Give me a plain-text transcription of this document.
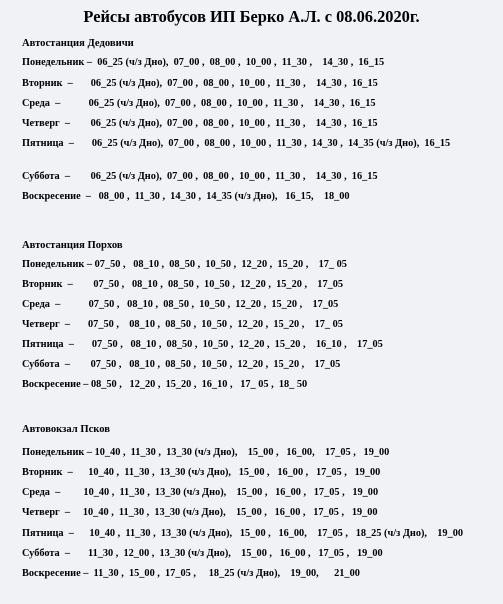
Рейсы автобусов ИП Берко А.Л. с 08.06.2020г.
Автостанция Дедовичи
Понедельник –  06_25 (ч/з Дно),  07_00 ,  08_00 ,  10_00 ,  11_30 ,    14_30 ,  16_15
Вторник  –       06_25 (ч/з Дно),  07_00 ,  08_00 ,  10_00 ,  11_30 ,    14_30 ,  16_15
Среда  –           06_25 (ч/з Дно),  07_00 ,  08_00 ,  10_00 ,  11_30 ,    14_30 ,  16_15
Четверг  –        06_25 (ч/з Дно),  07_00 ,  08_00 ,  10_00 ,  11_30 ,    14_30 ,  16_15
Пятница  –       06_25 (ч/з Дно),  07_00 ,  08_00 ,  10_00 ,  11_30 ,  14_30 ,  14_35 (ч/з Дно),  16_15
Суббота  –        06_25 (ч/з Дно),  07_00 ,  08_00 ,  10_00 ,  11_30 ,    14_30 ,  16_15
Воскресение  –   08_00 ,  11_30 ,  14_30 ,  14_35 (ч/з Дно),   16_15,    18_00
Автостанция Порхов
Понедельник – 07_50 ,   08_10 ,  08_50 ,  10_50 ,  12_20 ,  15_20 ,    17_ 05
Вторник  –        07_50 ,   08_10 ,  08_50 ,  10_50 ,  12_20 ,  15_20 ,    17_05
Среда  –           07_50 ,   08_10 ,  08_50 ,  10_50 ,  12_20 ,  15_20 ,    17_05
Четверг  –       07_50 ,    08_10 ,  08_50 ,  10_50 ,  12_20 ,  15_20 ,    17_ 05
Пятница  –       07_50 ,   08_10 ,  08_50 ,  10_50 ,  12_20 ,  15_20 ,    16_10 ,    17_05
Суббота  –        07_50 ,   08_10 ,  08_50 ,  10_50 ,  12_20 ,  15_20 ,    17_05
Воскресение – 08_50 ,   12_20 ,  15_20 ,  16_10 ,   17_ 05 ,  18_ 50
Автовокзал Псков
Понедельник – 10_40 ,  11_30 ,  13_30 (ч/з Дно),    15_00 ,   16_00,    17_05 ,   19_00
Вторник  –      10_40 ,  11_30 ,  13_30 (ч/з Дно),   15_00 ,   16_00 ,   17_05 ,   19_00
Среда  –         10_40 ,  11_30 ,  13_30 (ч/з Дно),    15_00 ,   16_00 ,   17_05 ,   19_00
Четверг  –     10_40 ,  11_30 ,  13_30 (ч/з Дно),    15_00 ,   16_00 ,   17_05 ,   19_00
Пятница  –      10_40 ,  11_30 ,  13_30 (ч/з Дно),   15_00 ,   16_00,    17_05 ,   18_25 (ч/з Дно),    19_00
Суббота  –       11_30 ,  12_00 ,  13_30 (ч/з Дно),    15_00 ,   16_00 ,   17_05 ,   19_00
Воскресение –  11_30 ,  15_00 ,  17_05 ,     18_25 (ч/з Дно),    19_00,      21_00
